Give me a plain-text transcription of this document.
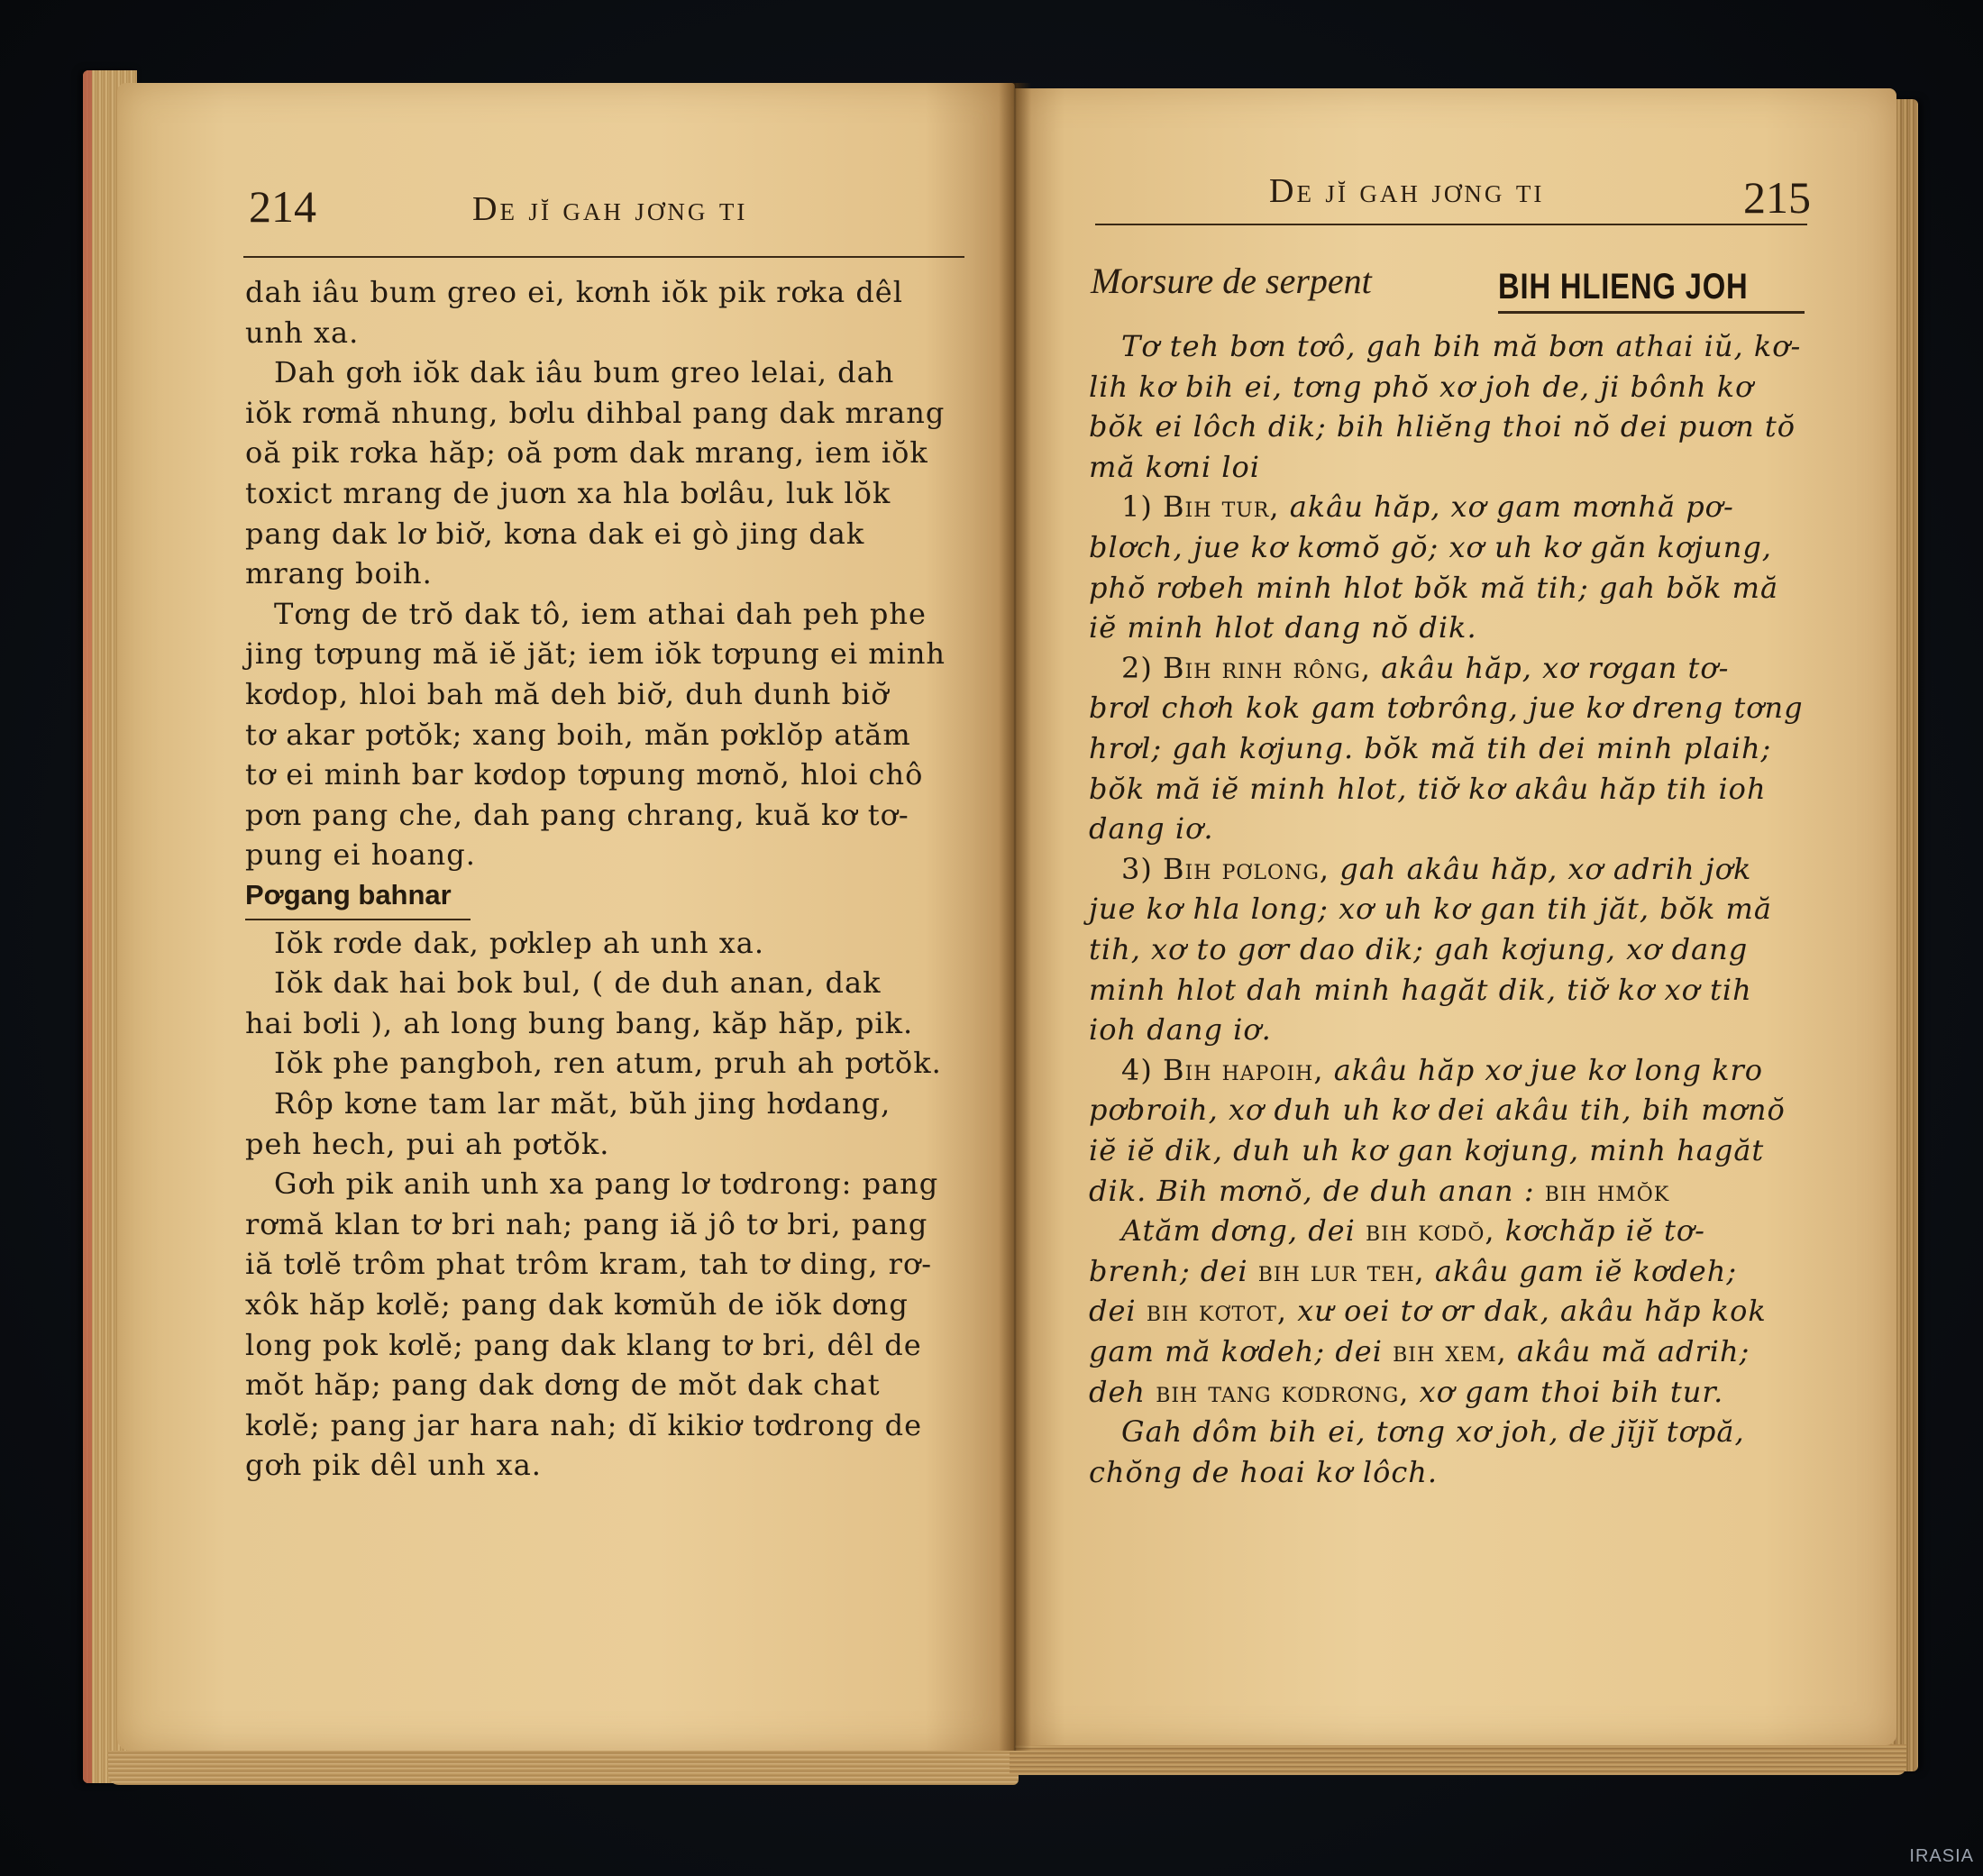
214	De jĭ gah jơng ti
dah iâu bum greo ei, kơnh iŏk pik rơka dêl
unh xa.
Dah gơh iŏk dak iâu bum greo lelai, dah
iŏk rơmă nhung, bơlu dihbal pang dak mrang
oă pik rơka hăp; oă pơm dak mrang, iem iŏk
toxict mrang de juơn xa hla bơlâu, luk lŏk
pang dak lơ biơ̆, kơna dak ei gò jing dak
mrang boih.
Tơng de trŏ dak tô, iem athai dah peh phe
jing tơpung mă iĕ jăt; iem iŏk tơpung ei minh
kơdop, hloi bah mă deh biơ̆, duh dunh biơ̆
tơ akar pơtŏk; xang boih, măn pơklŏp atăm
tơ ei minh bar kơdop tơpung mơnŏ, hloi chô
pơn pang che, dah pang chrang, kuă kơ tơ-
pung ei hoang.
Pơgang bahnar
Iŏk rơde dak, pơklep ah unh xa.
Iŏk dak hai bok bul, ( de duh anan, dak
hai bơli ), ah long bung bang, kăp hăp, pik.
Iŏk phe pangboh, ren atum, pruh ah pơtŏk.
Rôp kơne tam lar măt, bŭh jing hơdang,
peh hech, pui ah pơtŏk.
Gơh pik anih unh xa pang lơ tơdrong: pang
rơmă klan tơ bri nah; pang iă jô tơ bri, pang
iă tơlĕ trôm phat trôm kram, tah tơ ding, rơ-
xôk hăp kơlĕ; pang dak kơmŭh de iŏk dơng
long pok kơlĕ; pang dak klang tơ bri, dêl de
mŏt hăp; pang dak dơng de mŏt dak chat
kơlĕ; pang jar hara nah; dĭ kikiơ tơdrong de
gơh pik dêl unh xa.
De jĭ gah jơng ti	215
Morsure de serpent	BIH HLIENG JOH
Tơ teh bơn tơô, gah bih mă bơn athai iŭ, kơ-
lih kơ bih ei, tơng phŏ xơ joh de, ji bônh kơ
bŏk ei lôch dik; bih hliĕng thoi nŏ dei puơn tŏ
mă kơni loi
1) Bih tur, akâu hăp, xơ gam mơnhă pơ-
blơch, jue kơ kơmŏ gŏ; xơ uh kơ găn kơjung,
phŏ rơbeh minh hlot bŏk mă tih; gah bŏk mă
iĕ minh hlot dang nŏ dik.
2) Bih rinh rông, akâu hăp, xơ rơgan tơ-
brơl chơh kok gam tơbrông, jue kơ dreng tơng
hrơl; gah kơjung. bŏk mă tih dei minh plaih;
bŏk mă iĕ minh hlot, tiơ̆ kơ akâu hăp tih ioh
dang iơ.
3) Bih pơlong, gah akâu hăp, xơ adrih jơk
jue kơ hla long; xơ uh kơ gan tih jăt, bŏk mă
tih, xơ to gơr dao dik; gah kơjung, xơ dang
minh hlot dah minh hagăt dik, tiơ̆ kơ xơ tih
ioh dang iơ.
4) Bih hapoih, akâu hăp xơ jue kơ long kro
pơbroih, xơ duh uh kơ dei akâu tih, bih mơnŏ
iĕ iĕ dik, duh uh kơ gan kơjung, minh hagăt
dik. Bih mơnŏ, de duh anan : bih hmŏk
Atăm dơng, dei bih kơdŏ, kơchăp iĕ tơ-
brenh; dei bih lur teh, akâu gam iĕ kơdeh;
dei bih kơtot, xư oei tơ ơr dak, akâu hăp kok
gam mă kơdeh; dei bih xem, akâu mă adrih;
deh bih tang kơdrơng, xơ gam thoi bih tur.
Gah dôm bih ei, tơng xơ joh, de jĭjĭ tơpă,
chŏng de hoai kơ lôch.
IRASIA
